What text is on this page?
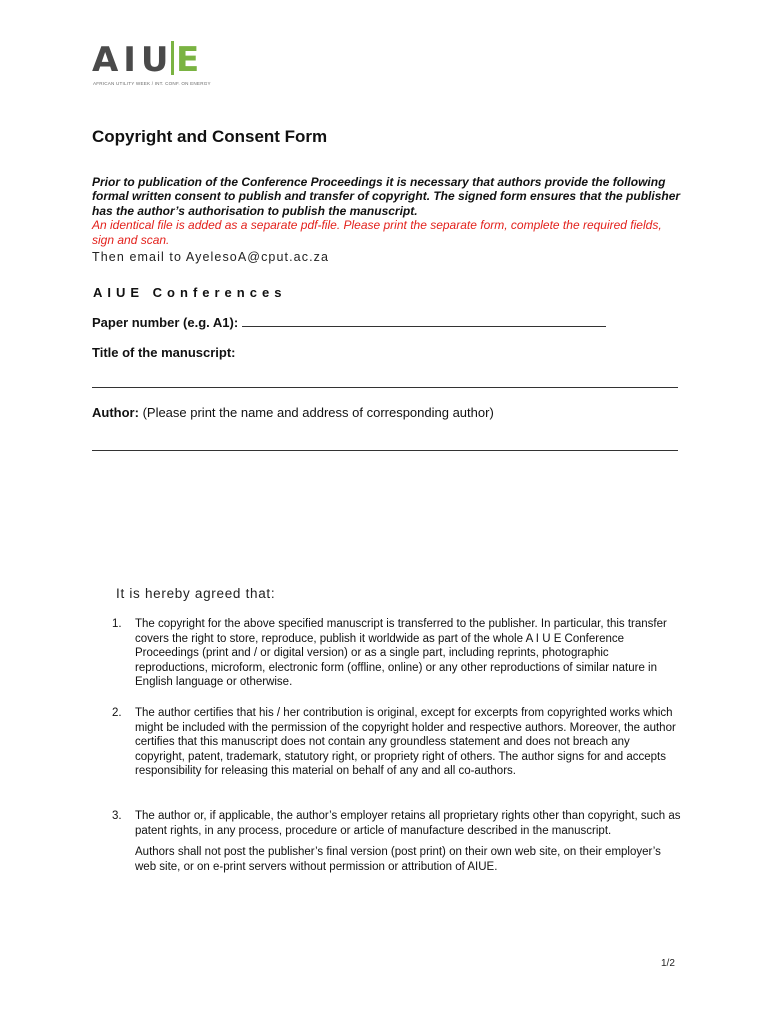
A I U E
AFRICAN UTILITY WEEK / INT. CONF. ON ENERGY
Copyright and Consent Form
Prior to publication of the Conference Proceedings it is necessary that authors provide the following formal written consent to publish and transfer of copyright. The signed form ensures that the publisher has the author’s authorisation to publish the manuscript.
An identical file is added as a separate pdf-file. Please print the separate form, complete the required fields, sign and scan.
Then email to AyelesoA@cput.ac.za
AIUE Conferences
Paper number (e.g. A1):
Title of the manuscript:
Author: (Please print the name and address of corresponding author)
It is hereby agreed that:
1. The copyright for the above specified manuscript is transferred to the publisher. In particular, this transfer covers the right to store, reproduce, publish it worldwide as part of the whole A I U E Conference Proceedings (print and / or digital version) or as a single part, including reprints, photographic reproductions, microform, electronic form (offline, online) or any other reproductions of similar nature in English language or otherwise.

2. The author certifies that his / her contribution is original, except for excerpts from copyrighted works which might be included with the permission of the copyright holder and respective authors. Moreover, the author certifies that this manuscript does not contain any groundless statement and does not breach any copyright, patent, trademark, statutory right, or propriety right of others. The author signs for and accepts responsibility for releasing this material on behalf of any and all co-authors.

3. The author or, if applicable, the author’s employer retains all proprietary rights other than copyright, such as patent rights, in any process, procedure or article of manufacture described in the manuscript.

Authors shall not post the publisher’s final version (post print) on their own web site, on their employer’s web site, or on e-print servers without permission or attribution of AIUE.

1/2
